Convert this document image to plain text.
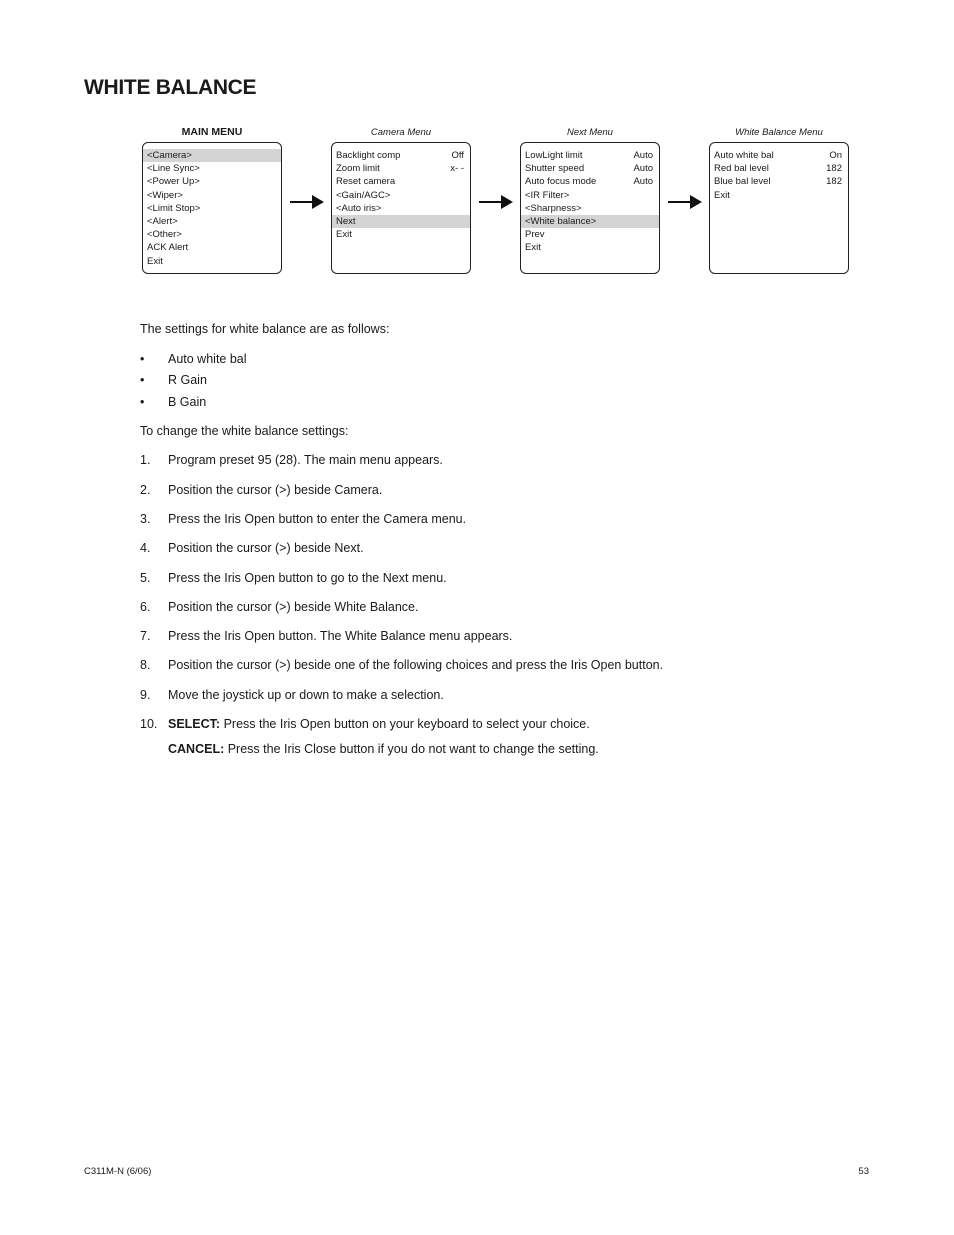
WHITE BALANCE
MAIN MENU	Camera Menu	Next Menu	White Balance Menu
<Camera>
<Line Sync>
<Power Up>
<Wiper>
<Limit Stop>
<Alert>
<Other>
ACK Alert
Exit
Backlight comp	Off
Zoom limit	x- -
Reset camera
<Gain/AGC>
<Auto iris>
Next
Exit
LowLight limit	Auto
Shutter speed	Auto
Auto focus mode	Auto
<IR Filter>
<Sharpness>
<White balance>
Prev
Exit
Auto white bal	On
Red bal level	182
Blue bal level	182
Exit
The settings for white balance are as follows:
• Auto white bal
• R Gain
• B Gain
To change the white balance settings:
1. Program preset 95 (28). The main menu appears.
2. Position the cursor (>) beside Camera.
3. Press the Iris Open button to enter the Camera menu.
4. Position the cursor (>) beside Next.
5. Press the Iris Open button to go to the Next menu.
6. Position the cursor (>) beside White Balance.
7. Press the Iris Open button. The White Balance menu appears.
8. Position the cursor (>) beside one of the following choices and press the Iris Open button.
9. Move the joystick up or down to make a selection.
10. SELECT: Press the Iris Open button on your keyboard to select your choice.
CANCEL: Press the Iris Close button if you do not want to change the setting.
C311M-N (6/06)	53
